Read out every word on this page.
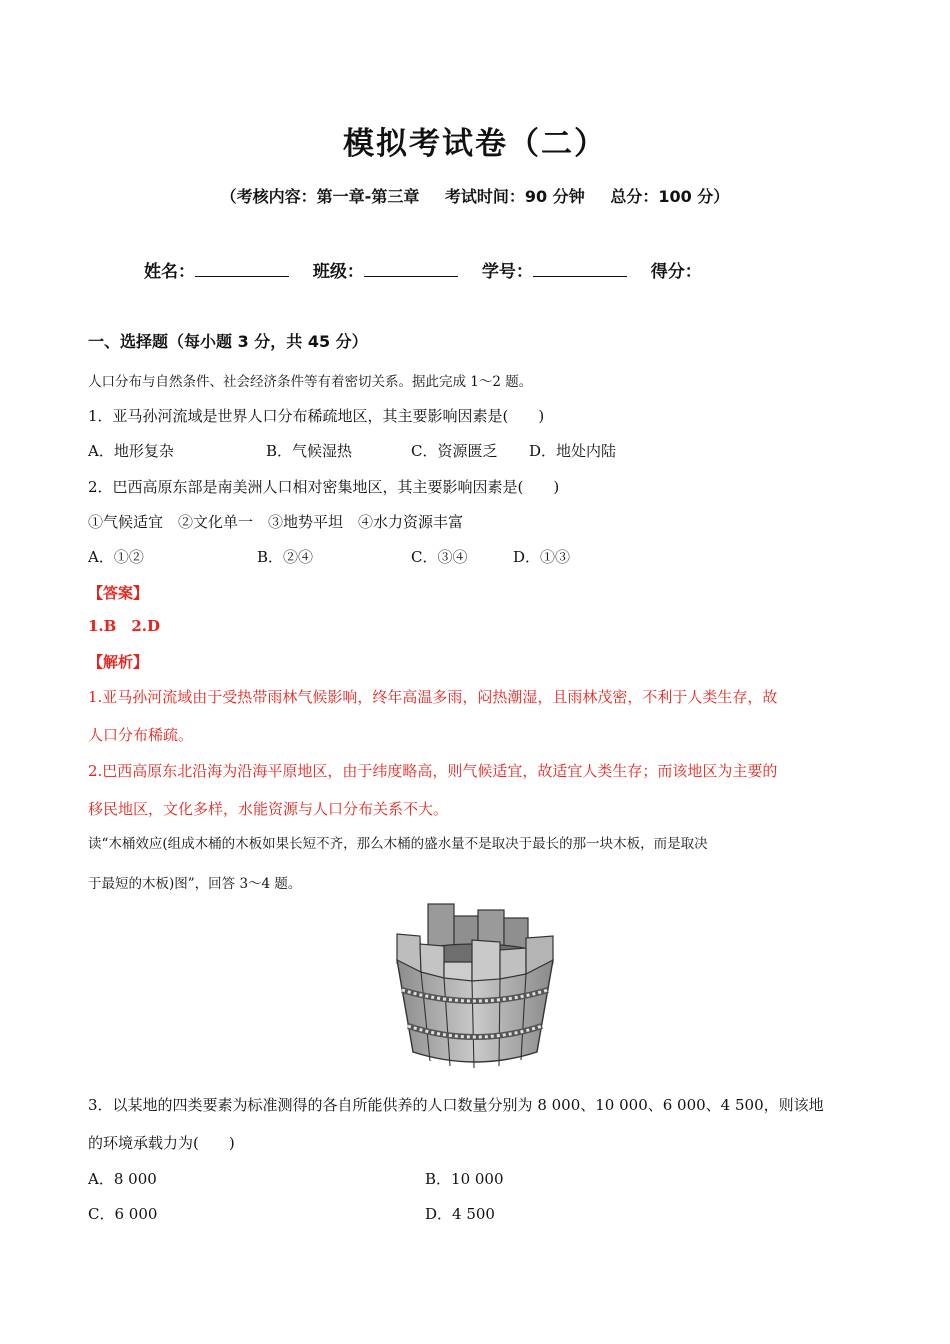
模拟考试卷（二）
（考核内容：第一章-第三章 考试时间：90 分钟 总分：100 分）
姓名：	班级：	学号：	得分：
一、选择题（每小题 3 分，共 45 分）
人口分布与自然条件、社会经济条件等有着密切关系。据此完成 1～2 题。
1．亚马孙河流域是世界人口分布稀疏地区，其主要影响因素是(　　)
A．地形复杂	B．气候湿热	C．资源匮乏 D．地处内陆
2．巴西高原东部是南美洲人口相对密集地区，其主要影响因素是(　　)
①气候适宜　②文化单一　③地势平坦　④水力资源丰富
A．①②	B．②④	C．③④	D．①③
【答案】
1.B　2.D
【解析】
1.亚马孙河流域由于受热带雨林气候影响，终年高温多雨，闷热潮湿，且雨林茂密，不利于人类生存，故
人口分布稀疏。
2.巴西高原东北沿海为沿海平原地区，由于纬度略高，则气候适宜，故适宜人类生存；而该地区为主要的
移民地区，文化多样，水能资源与人口分布关系不大。
读“木桶效应(组成木桶的木板如果长短不齐，那么木桶的盛水量不是取决于最长的那一块木板，而是取决
于最短的木板)图”，回答 3～4 题。
3．以某地的四类要素为标准测得的各自所能供养的人口数量分别为 8 000、10 000、6 000、4 500，则该地
的环境承载力为(　　)
A．8 000	B．10 000
C．6 000	D．4 500
